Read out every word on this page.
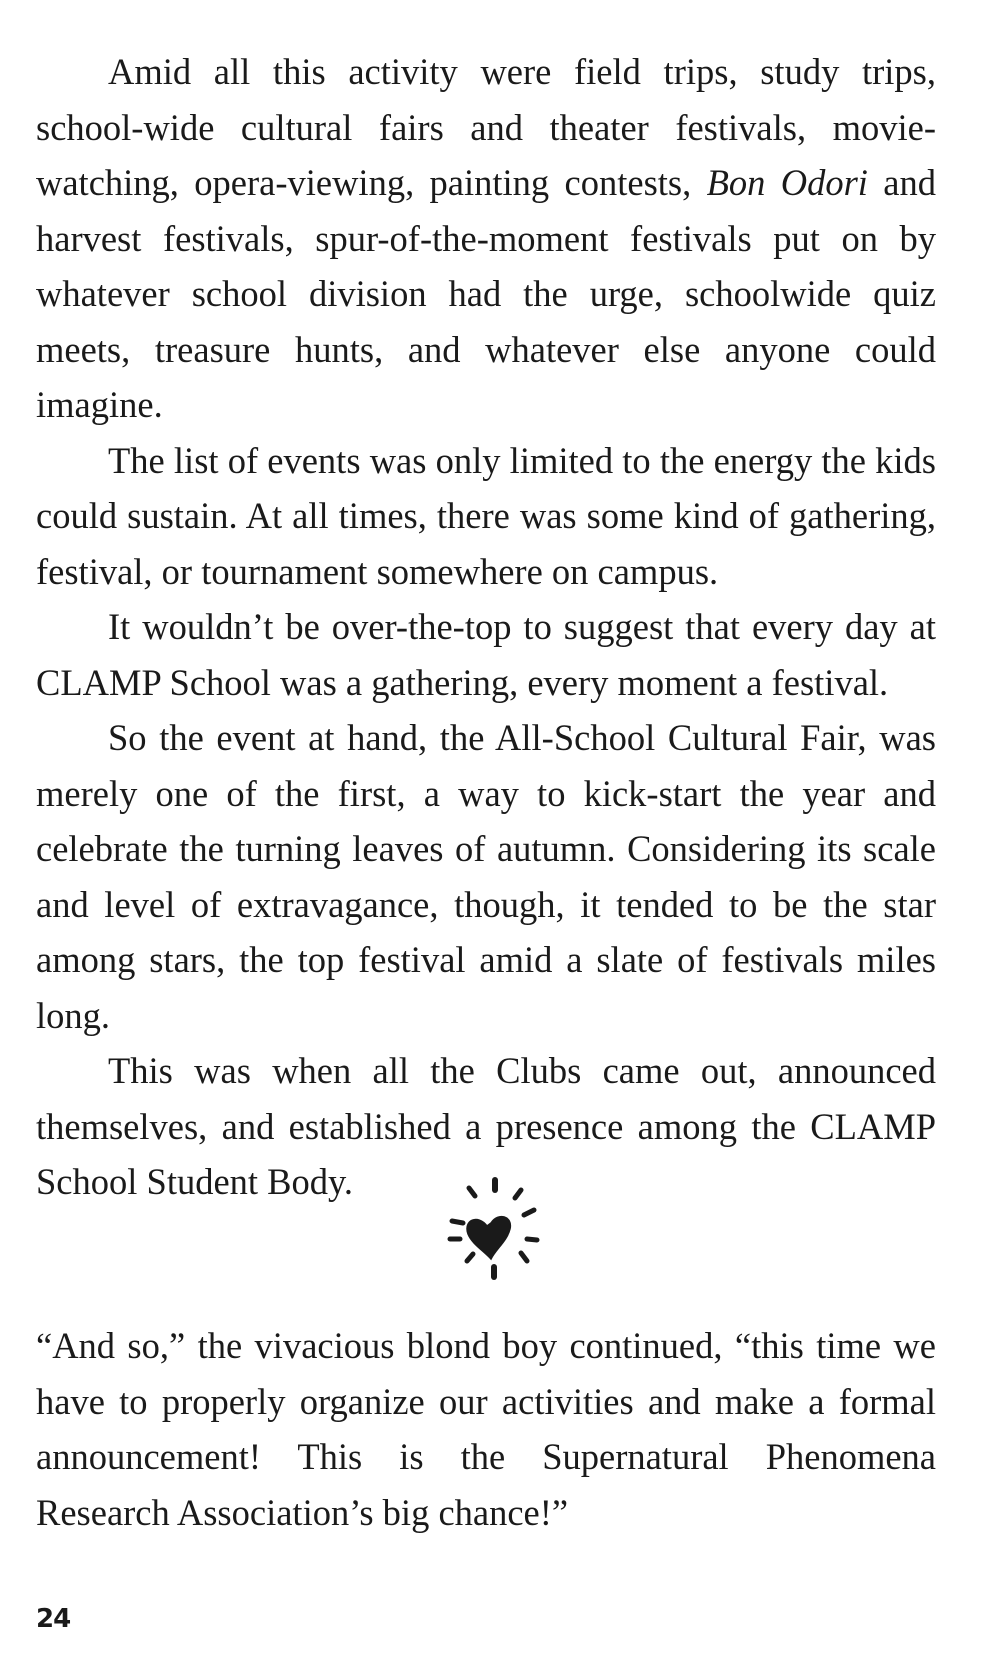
Amid all this activity were field trips, study trips, school-wide cultural fairs and theater festivals, movie-watching, opera-viewing, painting contests, Bon Odori and harvest festivals, spur-of-the-moment festivals put on by whatever school division had the urge, schoolwide quiz meets, treasure hunts, and whatever else anyone could imagine.

The list of events was only limited to the energy the kids could sustain. At all times, there was some kind of gathering, festival, or tournament somewhere on campus.

It wouldn’t be over-the-top to suggest that every day at CLAMP School was a gathering, every moment a festival.

So the event at hand, the All-School Cultural Fair, was merely one of the first, a way to kick-start the year and celebrate the turning leaves of autumn. Considering its scale and level of extravagance, though, it tended to be the star among stars, the top festival amid a slate of festivals miles long.

This was when all the Clubs came out, announced themselves, and established a presence among the CLAMP School Student Body.

“And so,” the vivacious blond boy continued, “this time we have to properly organize our activities and make a formal announcement! This is the Supernatural Phenomena Research Association’s big chance!”

24
